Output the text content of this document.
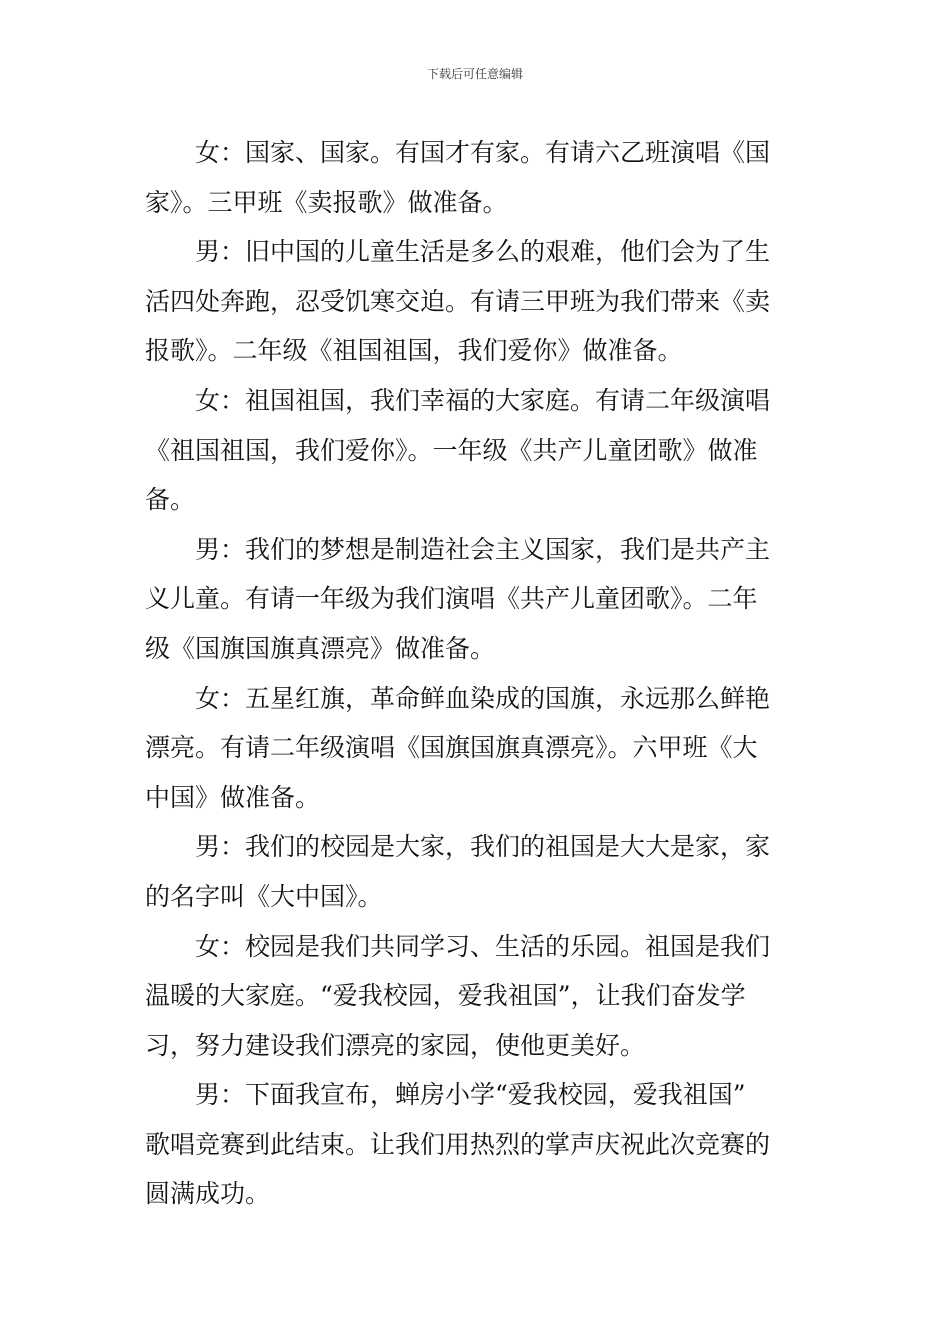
下载后可任意编辑

女：国家、国家。有国才有家。有请六乙班演唱《国
家》。三甲班《卖报歌》做准备。

男：旧中国的儿童生活是多么的艰难，他们会为了生
活四处奔跑，忍受饥寒交迫。有请三甲班为我们带来《卖
报歌》。二年级《祖国祖国，我们爱你》做准备。

女：祖国祖国，我们幸福的大家庭。有请二年级演唱
《祖国祖国，我们爱你》。一年级《共产儿童团歌》做准
备。

男：我们的梦想是制造社会主义国家，我们是共产主
义儿童。有请一年级为我们演唱《共产儿童团歌》。二年
级《国旗国旗真漂亮》做准备。

女：五星红旗，革命鲜血染成的国旗，永远那么鲜艳
漂亮。有请二年级演唱《国旗国旗真漂亮》。六甲班《大
中国》做准备。

男：我们的校园是大家，我们的祖国是大大是家，家
的名字叫《大中国》。

女：校园是我们共同学习、生活的乐园。祖国是我们
温暖的大家庭。“爱我校园，爱我祖国”，让我们奋发学
习，努力建设我们漂亮的家园，使他更美好。

男：下面我宣布，蝉房小学“爱我校园，爱我祖国”
歌唱竞赛到此结束。让我们用热烈的掌声庆祝此次竞赛的
圆满成功。
